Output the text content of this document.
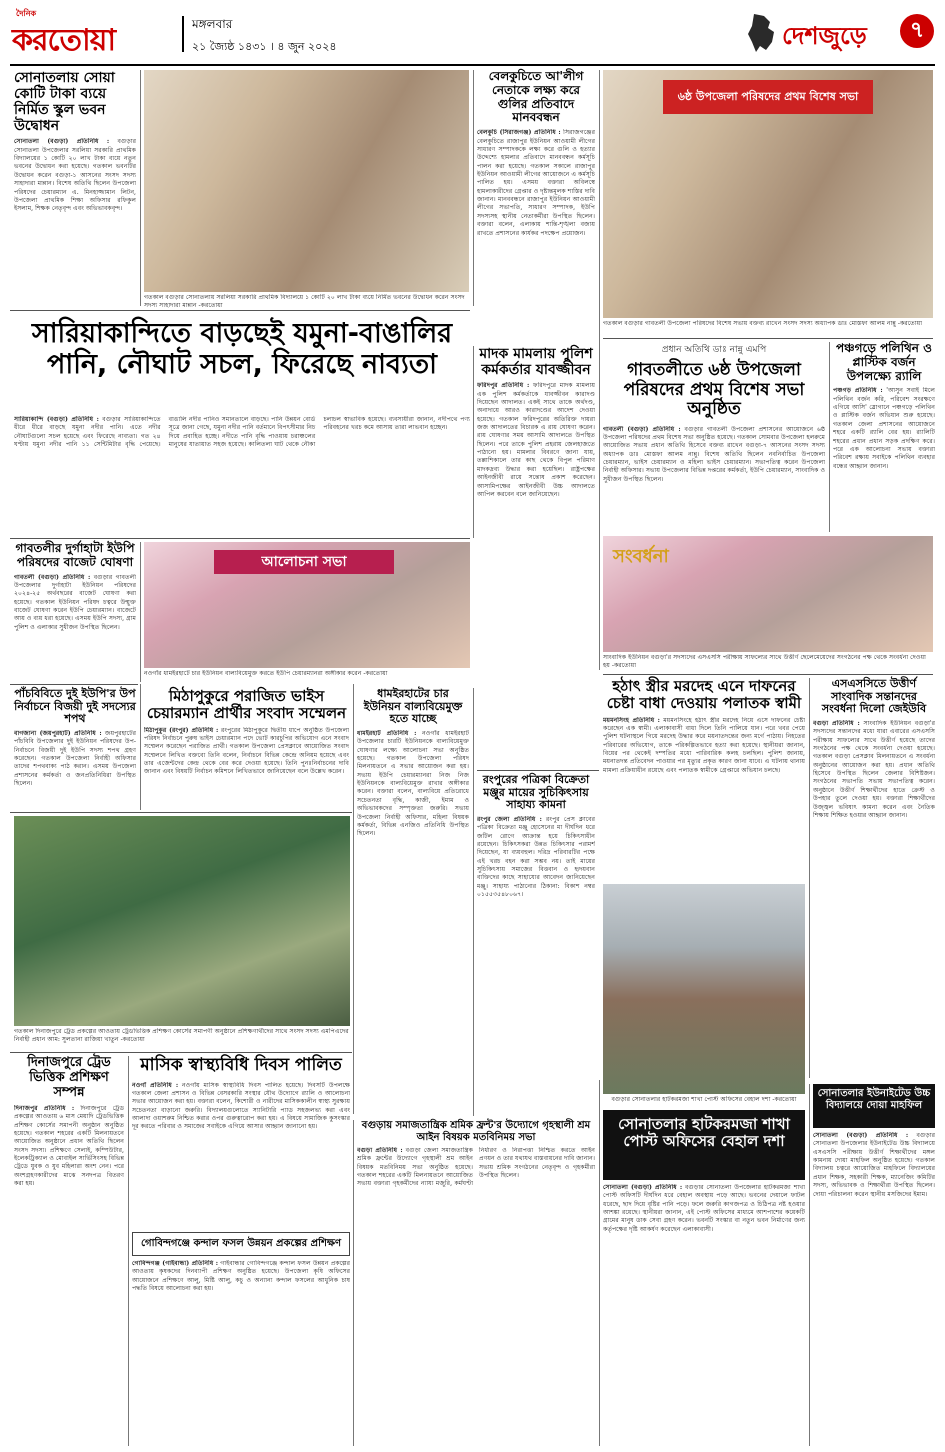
দৈনিক
করতোয়া	মঙ্গলবার
২১ জ্যৈষ্ঠ ১৪৩১ । ৪ জুন ২০২৪	দেশজুড়ে	৭
সোনাতলায় সোয়া কোটি টাকা ব্যয়ে নির্মিত স্কুল ভবন উদ্বোধন
সোনাতলা (বগুড়া) প্রতিনিধি : বগুড়ার সোনাতলা উপজেলার সরলিয়া সরকারি প্রাথমিক বিদ্যালয়ের ১ কোটি ২০ লাখ টাকা ব্যয়ে নতুন ভবনের উদ্বোধন করা হয়েছে। গতকাল ভবনটির উদ্বোধন করেন বগুড়া-১ আসনের সংসদ সদস্য সাহাদারা মান্নান। বিশেষ অতিথি ছিলেন উপজেলা পরিষদের চেয়ারম্যান এ. মিনহাজ্জামান লিটন, উপজেলা প্রাথমিক শিক্ষা অফিসার রফিকুল ইসলাম, শিক্ষক নেতৃবৃন্দ এবং অভিভাবকবৃন্দ।
গতকাল বগুড়ার সোনাতলায় সরলিয়া সরকারি প্রাথমিক বিদ্যালয়ে ১ কোটি ২০ লাখ টাকা ব্যয়ে নির্মিত ভবনের উদ্বোধন করেন সংসদ সদস্য সাহাদারা মান্নান -করতোয়া
বেলকুচিতে আ'লীগ নেতাকে লক্ষ্য করে গুলির প্রতিবাদে মানববন্ধন
বেলকুচি (সিরাজগঞ্জ) প্রতিনিধি : সিরাজগঞ্জের বেলকুচিতে রাজাপুর ইউনিয়ন আওয়ামী লীগের সাধারণ সম্পাদককে লক্ষ্য করে গুলি ও হত্যার উদ্দেশ্যে হামলার প্রতিবাদে মানববন্ধন কর্মসূচি পালন করা হয়েছে। গতকাল সকালে রাজাপুর ইউনিয়ন আওয়ামী লীগের আয়োজনে এ কর্মসূচি পালিত হয়। এসময় বক্তারা অবিলম্বে হামলাকারীদের গ্রেপ্তার ও দৃষ্টান্তমূলক শাস্তির দাবি জানান। মানববন্ধনে রাজাপুর ইউনিয়ন আওয়ামী লীগের সভাপতি, সাধারণ সম্পাদক, ইউপি সদস্যসহ স্থানীয় নেতাকর্মীরা উপস্থিত ছিলেন। বক্তারা বলেন, এলাকায় শান্তি-শৃঙ্খলা বজায় রাখতে প্রশাসনের কার্যকর পদক্ষেপ প্রয়োজন।
৬ষ্ঠ উপজেলা পরিষদের প্রথম বিশেষ সভা
গতকাল বগুড়ার গাবতলী উপজেলা পরিষদের বিশেষ সভায় বক্তব্য রাখেন সংসদ সদস্য অধ্যাপক ডাঃ মোস্তফা আলম নান্নু -করতোয়া
প্রধান অতিথি ডাঃ নান্নু এমপি
গাবতলীতে ৬ষ্ঠ উপজেলা পরিষদের প্রথম বিশেষ সভা অনুষ্ঠিত
গাবতলী (বগুড়া) প্রতিনিধি : বগুড়ার গাবতলী উপজেলা প্রশাসনের আয়োজনে ৬ষ্ঠ উপজেলা পরিষদের প্রথম বিশেষ সভা অনুষ্ঠিত হয়েছে। গতকাল সোমবার উপজেলা হলরুমে আয়োজিত সভায় প্রধান অতিথি হিসেবে বক্তব্য রাখেন বগুড়া-৭ আসনের সংসদ সদস্য অধ্যাপক ডাঃ মোস্তফা আলম নান্নু। বিশেষ অতিথি ছিলেন নবনির্বাচিত উপজেলা চেয়ারম্যান, ভাইস চেয়ারম্যান ও মহিলা ভাইস চেয়ারম্যান। সভাপতিত্ব করেন উপজেলা নির্বাহী অফিসার। সভায় উপজেলার বিভিন্ন দপ্তরের কর্মকর্তা, ইউপি চেয়ারম্যান, সাংবাদিক ও সুধীজন উপস্থিত ছিলেন।
পঞ্চগড়ে পলিথিন ও প্লাস্টিক বর্জন উপলক্ষ্যে র‍্যালি
পঞ্চগড় প্রতিনিধি : 'আসুন সবাই মিলে পলিথিন বর্জন করি, পরিবেশ সংরক্ষণে এগিয়ে আসি' স্লোগানে পঞ্চগড়ে পলিথিন ও প্লাস্টিক বর্জন অভিযান শুরু হয়েছে। গতকাল জেলা প্রশাসনের আয়োজনে শহরে একটি র‍্যালি বের হয়। র‍্যালিটি শহরের প্রধান প্রধান সড়ক প্রদক্ষিণ করে। পরে এক আলোচনা সভায় বক্তারা পরিবেশ রক্ষায় সবাইকে পলিথিন ব্যবহার বন্ধের আহ্বান জানান।
সারিয়াকান্দিতে বাড়ছেই যমুনা-বাঙালির পানি, নৌঘাট সচল, ফিরেছে নাব্যতা
সারিয়াকান্দি (বগুড়া) প্রতিনিধি : বগুড়ার সারিয়াকান্দিতে ধীরে ধীরে বাড়ছে যমুনা নদীর পানি। এতে নদীর নৌঘাটগুলো সচল হয়েছে এবং ফিরেছে নাব্যতা। গত ২৪ ঘণ্টায় যমুনা নদীর পানি ১১ সেন্টিমিটার বৃদ্ধি পেয়েছে। বাঙালি নদীর পানিও সমানতালে বাড়ছে। পানি উন্নয়ন বোর্ড সূত্রে জানা গেছে, যমুনা নদীর পানি বর্তমানে বিপৎসীমার নিচ দিয়ে প্রবাহিত হচ্ছে। নদীতে পানি বৃদ্ধি পাওয়ায় চরাঞ্চলের মানুষের যাতায়াত সহজ হয়েছে। কালিতলা ঘাট থেকে নৌকা চলাচল স্বাভাবিক হয়েছে। ব্যবসায়ীরা জানান, নদীপথে পণ্য পরিবহনের খরচ কমে আসায় তারা লাভবান হচ্ছেন।
মাদক মামলায় পুলিশ কর্মকর্তার যাবজ্জীবন
ফরিদপুর প্রতিনিধি : ফরিদপুরে মাদক মামলায় এক পুলিশ কর্মকর্তাকে যাবজ্জীবন কারাদণ্ড দিয়েছেন আদালত। একই সাথে তাকে অর্থদণ্ড, অনাদায়ে আরও কারাদণ্ডের আদেশ দেওয়া হয়েছে। গতকাল ফরিদপুরের অতিরিক্ত দায়রা জজ আদালতের বিচারক এ রায় ঘোষণা করেন। রায় ঘোষণার সময় আসামি আদালতে উপস্থিত ছিলেন। পরে তাকে পুলিশ প্রহরায় জেলহাজতে পাঠানো হয়। মামলার বিবরণে জানা যায়, তল্লাশিকালে তার কাছ থেকে বিপুল পরিমাণ মাদকদ্রব্য উদ্ধার করা হয়েছিল। রাষ্ট্রপক্ষের আইনজীবী রায়ে সন্তোষ প্রকাশ করেছেন। আসামিপক্ষের আইনজীবী উচ্চ আদালতে আপিল করবেন বলে জানিয়েছেন।
গাবতলীর দুর্গাহাটা ইউপি পরিষদের বাজেট ঘোষণা
গাবতলী (বগুড়া) প্রতিনিধি : বগুড়ার গাবতলী উপজেলার দুর্গাহাটা ইউনিয়ন পরিষদের ২০২৪-২৫ অর্থবছরের বাজেট ঘোষণা করা হয়েছে। গতকাল ইউনিয়ন পরিষদ চত্বরে উন্মুক্ত বাজেট ঘোষণা করেন ইউপি চেয়ারম্যান। বাজেটে আয় ও ব্যয় ধরা হয়েছে। এসময় ইউপি সদস্য, গ্রাম পুলিশ ও এলাকার সুধীজন উপস্থিত ছিলেন।
আলোচনা সভা
নওগাঁর ধামইরহাটে চার ইউনিয়ন বাল্যবিয়েমুক্ত করতে ইউপি চেয়ারম্যানরা অঙ্গীকার করেন -করতোয়া
পাঁচবিবিতে দুই ইউপি'র উপ নির্বাচনে বিজয়ী দুই সদস্যের শপথ
বাগজানা (জয়পুরহাট) প্রতিনিধি : জয়পুরহাটের পাঁচবিবি উপজেলার দুই ইউনিয়ন পরিষদের উপ-নির্বাচনে বিজয়ী দুই ইউপি সদস্য শপথ গ্রহণ করেছেন। গতকাল উপজেলা নির্বাহী অফিসার তাদের শপথবাক্য পাঠ করান। এসময় উপজেলা প্রশাসনের কর্মকর্তা ও জনপ্রতিনিধিরা উপস্থিত ছিলেন।
মিঠাপুকুরে পরাজিত ভাইস চেয়ারম্যান প্রার্থীর সংবাদ সম্মেলন
মিঠাপুকুর (রংপুর) প্রতিনিধি : রংপুরের মিঠাপুকুরে দ্বিতীয় ধাপে অনুষ্ঠিত উপজেলা পরিষদ নির্বাচনে পুরুষ ভাইস চেয়ারম্যান পদে ভোট কারচুপির অভিযোগ এনে সংবাদ সম্মেলন করেছেন পরাজিত প্রার্থী। গতকাল উপজেলা প্রেসক্লাবে আয়োজিত সংবাদ সম্মেলনে লিখিত বক্তব্যে তিনি বলেন, নির্বাচনে বিভিন্ন কেন্দ্রে অনিয়ম হয়েছে এবং তার এজেন্টদের কেন্দ্র থেকে বের করে দেওয়া হয়েছে। তিনি পুনঃনির্বাচনের দাবি জানান এবং বিষয়টি নির্বাচন কমিশনে লিখিতভাবে জানিয়েছেন বলে উল্লেখ করেন।
ধামইরহাটের চার ইউনিয়ন বাল্যবিয়েমুক্ত হতে যাচ্ছে
ধামইরহাট প্রতিনিধি : নওগাঁর ধামইরহাট উপজেলার চারটি ইউনিয়নকে বাল্যবিয়েমুক্ত ঘোষণার লক্ষ্যে আলোচনা সভা অনুষ্ঠিত হয়েছে। গতকাল উপজেলা পরিষদ মিলনায়তনে এ সভার আয়োজন করা হয়। সভায় ইউপি চেয়ারম্যানরা নিজ নিজ ইউনিয়নকে বাল্যবিয়েমুক্ত রাখার অঙ্গীকার করেন। বক্তারা বলেন, বাল্যবিয়ে প্রতিরোধে সচেতনতা বৃদ্ধি, কাজী, ইমাম ও অভিভাবকদের সম্পৃক্ততা জরুরি। সভায় উপজেলা নির্বাহী অফিসার, মহিলা বিষয়ক কর্মকর্তা, বিভিন্ন এনজিও প্রতিনিধি উপস্থিত ছিলেন।
সংবর্ধনা
সাংবাদিক ইউনিয়ন বগুড়া'র সদস্যদের এসএসসি পরীক্ষায় সাফল্যের সাথে উত্তীর্ণ ছেলেমেয়েদের সংগঠনের পক্ষ থেকে সংবর্ধনা দেওয়া হয় -করতোয়া
হঠাৎ স্ত্রীর মরদেহ এনে দাফনের চেষ্টা বাধা দেওয়ায় পলাতক স্বামী
ময়মনসিংহ প্রতিনিধি : ময়মনসিংহে হঠাৎ স্ত্রীর মরদেহ নিয়ে এসে দাফনের চেষ্টা করেছেন এক স্বামী। এলাকাবাসী বাধা দিলে তিনি পালিয়ে যান। পরে খবর পেয়ে পুলিশ ঘটনাস্থলে গিয়ে মরদেহ উদ্ধার করে ময়নাতদন্তের জন্য মর্গে পাঠায়। নিহতের পরিবারের অভিযোগ, তাকে পরিকল্পিতভাবে হত্যা করা হয়েছে। স্থানীয়রা জানান, বিয়ের পর থেকেই দম্পতির মধ্যে পারিবারিক কলহ চলছিল। পুলিশ জানায়, ময়নাতদন্ত প্রতিবেদন পাওয়ার পর মৃত্যুর প্রকৃত কারণ জানা যাবে। এ ঘটনায় থানায় মামলা প্রক্রিয়াধীন রয়েছে এবং পলাতক স্বামীকে গ্রেপ্তারে অভিযান চলছে।
এসএসসিতে উত্তীর্ণ সাংবাদিক সন্তানদের সংবর্ধনা দিলো জেইউবি
বগুড়া প্রতিনিধি : সাংবাদিক ইউনিয়ন বগুড়া'র সদস্যদের সন্তানদের মধ্যে যারা এবারের এসএসসি পরীক্ষায় সাফল্যের সাথে উত্তীর্ণ হয়েছে তাদের সংগঠনের পক্ষ থেকে সংবর্ধনা দেওয়া হয়েছে। গতকাল বগুড়া প্রেসক্লাব মিলনায়তনে এ সংবর্ধনা অনুষ্ঠানের আয়োজন করা হয়। প্রধান অতিথি হিসেবে উপস্থিত ছিলেন জেলার বিশিষ্টজন। সংগঠনের সভাপতি সভায় সভাপতিত্ব করেন। অনুষ্ঠানে উত্তীর্ণ শিক্ষার্থীদের হাতে ক্রেস্ট ও উপহার তুলে দেওয়া হয়। বক্তারা শিক্ষার্থীদের উজ্জ্বল ভবিষ্যৎ কামনা করেন এবং নৈতিক শিক্ষায় শিক্ষিত হওয়ার আহ্বান জানান।
গতকাল দিনাজপুরে ট্রেড প্রকল্পের আওতায় ট্রেডভিত্তিক প্রশিক্ষণ কোর্সের সমাপণী অনুষ্ঠানে প্রশিক্ষণার্থীদের সাথে সংসদ সদস্য এমপিএদের নির্বাহী প্রধান আম: সুলতানা রাজিয়া খাতুন -করতোয়া
রংপুরের পত্রিকা বিক্রেতা মঞ্জুর মায়ের সুচিকিৎসায় সাহায্য কামনা
রংপুর জেলা প্রতিনিধি : রংপুর প্রেস ক্লাবের পত্রিকা বিক্রেতা মঞ্জু হোসেনের মা দীর্ঘদিন ধরে জটিল রোগে আক্রান্ত হয়ে চিকিৎসাধীন রয়েছেন। চিকিৎসকরা উন্নত চিকিৎসার পরামর্শ দিয়েছেন, যা ব্যয়বহুল। দরিদ্র পরিবারটির পক্ষে এই খরচ বহন করা সম্ভব নয়। তাই মায়ের সুচিকিৎসায় সমাজের বিত্তবান ও হৃদয়বান ব্যক্তিদের কাছে সাহায্যের আবেদন জানিয়েছেন মঞ্জু। সাহায্য পাঠানোর ঠিকানা: বিকাশ নম্বর ০১৫৫৩৫৪৮০৬৭।
বগুড়ার সোনাতলার হাটকরমজা শাখা পোস্ট অফিসের বেহাল দশা -করতোয়া
দিনাজপুরে ট্রেড ভিত্তিক প্রশিক্ষণ সম্পন্ন
দিনাজপুর প্রতিনিধি : দিনাজপুরে ট্রেড প্রকল্পের আওতায় ৬ মাস মেয়াদি ট্রেডভিত্তিক প্রশিক্ষণ কোর্সের সমাপনী অনুষ্ঠান অনুষ্ঠিত হয়েছে। গতকাল শহরের একটি মিলনায়তনে আয়োজিত অনুষ্ঠানে প্রধান অতিথি ছিলেন সংসদ সদস্য। প্রশিক্ষণে সেলাই, কম্পিউটার, ইলেকট্রিক্যাল ও মোবাইল সার্ভিসিংসহ বিভিন্ন ট্রেডে যুবক ও যুব মহিলারা অংশ নেন। পরে অংশগ্রহণকারীদের মাঝে সনদপত্র বিতরণ করা হয়।
মাসিক স্বাস্থ্যবিধি দিবস পালিত
নওগাঁ প্রতিনিধি : নওগাঁয় মাসিক স্বাস্থ্যবিধি দিবস পালিত হয়েছে। দিবসটি উপলক্ষে গতকাল জেলা প্রশাসন ও বিভিন্ন বেসরকারি সংস্থার যৌথ উদ্যোগে র‍্যালি ও আলোচনা সভার আয়োজন করা হয়। বক্তারা বলেন, কিশোরী ও নারীদের মাসিককালীন স্বাস্থ্য সুরক্ষায় সচেতনতা বাড়ানো জরুরি। বিদ্যালয়গুলোতে স্যানিটারি প্যাড সহজলভ্য করা এবং আলাদা ওয়াশরুম নিশ্চিত করার ওপর গুরুত্বারোপ করা হয়। এ বিষয়ে সামাজিক কুসংস্কার দূর করতে পরিবার ও সমাজের সবাইকে এগিয়ে আসার আহ্বান জানানো হয়।
গোবিন্দগঞ্জে কন্দাল ফসল উন্নয়ন প্রকল্পের প্রশিক্ষণ
গোবিন্দগঞ্জ (গাইবান্ধা) প্রতিনিধি : গাইবান্ধার গোবিন্দগঞ্জে কন্দাল ফসল উন্নয়ন প্রকল্পের আওতায় কৃষকদের দিনব্যাপী প্রশিক্ষণ অনুষ্ঠিত হয়েছে। উপজেলা কৃষি অফিসের আয়োজনে প্রশিক্ষণে আলু, মিষ্টি আলু, কচু ও অন্যান্য কন্দাল ফসলের আধুনিক চাষ পদ্ধতি বিষয়ে আলোচনা করা হয়।
বগুড়ায় সমাজতান্ত্রিক শ্রমিক ফ্রন্ট'র উদ্যোগে গৃহস্থালী শ্রম আইন বিষয়ক মতবিনিময় সভা
বগুড়া প্রতিনিধি : বগুড়া জেলা সমাজতান্ত্রিক শ্রমিক ফ্রন্টের উদ্যোগে গৃহস্থালী শ্রম আইন বিষয়ক মতবিনিময় সভা অনুষ্ঠিত হয়েছে। গতকাল শহরের একটি মিলনায়তনে আয়োজিত সভায় বক্তারা গৃহকর্মীদের ন্যায্য মজুরি, কর্মঘণ্টা নির্ধারণ ও নিরাপত্তা নিশ্চিত করতে আইন প্রণয়ন ও তার যথাযথ বাস্তবায়নের দাবি জানান। সভায় শ্রমিক সংগঠনের নেতৃবৃন্দ ও গৃহকর্মীরা উপস্থিত ছিলেন।
সোনাতলার হাটকরমজা শাখা পোস্ট অফিসের বেহাল দশা
সোনাতলা (বগুড়া) প্রতিনিধি : বগুড়ার সোনাতলা উপজেলার হাটকরমজা শাখা পোস্ট অফিসটি দীর্ঘদিন ধরে বেহাল অবস্থায় পড়ে আছে। ভবনের দেয়ালে ফাটল ধরেছে, ছাদ দিয়ে বৃষ্টির পানি পড়ে। ফলে জরুরি কাগজপত্র ও চিঠিপত্র নষ্ট হওয়ার আশঙ্কা রয়েছে। স্থানীয়রা জানান, এই পোস্ট অফিসের মাধ্যমে আশপাশের কয়েকটি গ্রামের মানুষ ডাক সেবা গ্রহণ করেন। ভবনটি সংস্কার বা নতুন ভবন নির্মাণের জন্য কর্তৃপক্ষের দৃষ্টি আকর্ষণ করেছেন এলাকাবাসী।
সোনাতলার ইউনাইটেড উচ্চ বিদ্যালয়ে দোয়া মাহফিল
সোনাতলা (বগুড়া) প্রতিনিধি : বগুড়ার সোনাতলা উপজেলার ইউনাইটেড উচ্চ বিদ্যালয়ে এসএসসি পরীক্ষায় উত্তীর্ণ শিক্ষার্থীদের মঙ্গল কামনায় দোয়া মাহফিল অনুষ্ঠিত হয়েছে। গতকাল বিদ্যালয় চত্বরে আয়োজিত মাহফিলে বিদ্যালয়ের প্রধান শিক্ষক, সহকারী শিক্ষক, ম্যানেজিং কমিটির সদস্য, অভিভাবক ও শিক্ষার্থীরা উপস্থিত ছিলেন। দোয়া পরিচালনা করেন স্থানীয় মসজিদের ইমাম।
